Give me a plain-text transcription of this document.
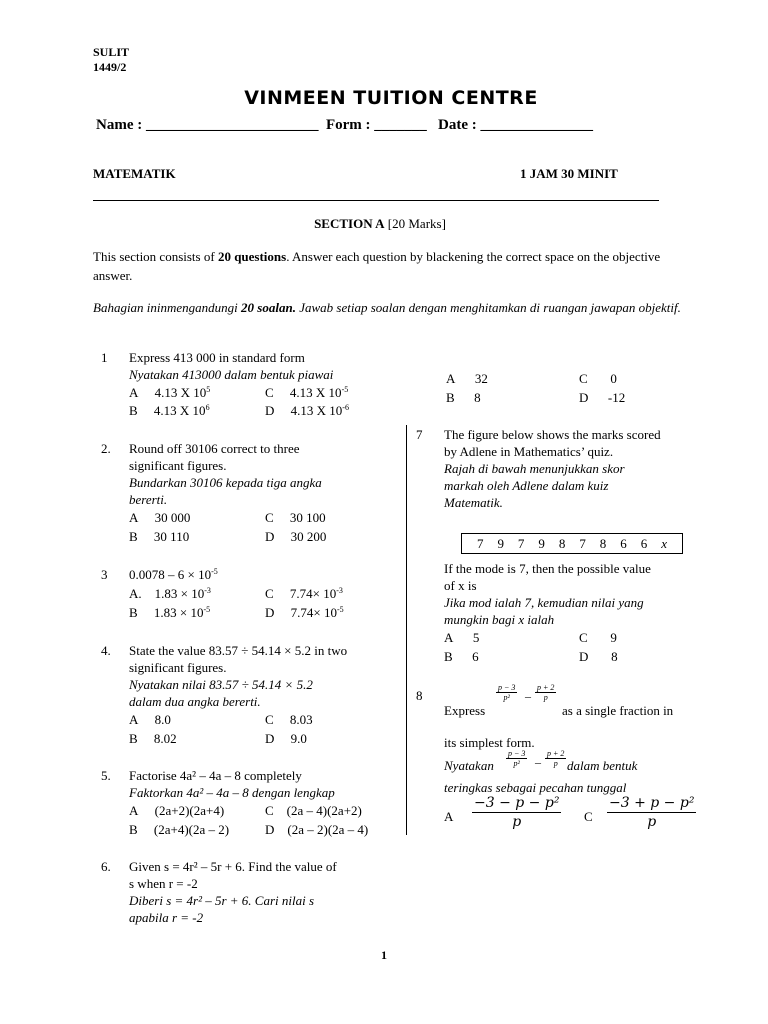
SULIT
1449/2
VINMEEN TUITION CENTRE
Name : _______________________  Form : _______   Date : _______________
MATEMATIK	1 JAM 30 MINIT
SECTION A [20 Marks]
This section consists of 20 questions. Answer each question by blackening the correct space on the objective answer.
Bahagian ininmengandungi 20 soalan. Jawab setiap soalan dengan menghitamkan di ruangan jawapan objektif.
1 Express 413 000 in standard form
Nyatakan 413000 dalam bentuk piawai
A     4.13 X $10^5$	C     4.13 X $10^{-5}$
B     4.13 X $10^6$	D     4.13 X $10^{-6}$
2. Round off 30106 correct to three
significant figures.
Bundarkan 30106 kepada tiga angka
bererti.
A     30 000	C     30 100
B     30 110	D     30 200
3 $0.0078 - 6 \times 10^{-5}$
A.    $1.83 \times 10^{-3}$	C     $7.74\times 10^{-3}$
B     $1.83 \times 10^{-5}$	D     $7.74\times 10^{-5}$
4. State the value 83.57 ÷ 54.14 × 5.2 in two
significant figures.
Nyatakan nilai 83.57 ÷ 54.14 × 5.2
dalam dua angka bererti.
A     8.0	C     8.03
B     8.02	D     9.0
5. Factorise 4a² – 4a – 8 completely
Faktorkan 4a² – 4a – 8 dengan lengkap
A     (2a+2)(2a+4)	C    (2a – 4)(2a+2)
B     (2a+4)(2a – 2)	D    (2a – 2)(2a – 4)
6. Given s = 4r² – 5r + 6. Find the value of
s when r = -2
Diberi s = 4r² – 5r + 6. Cari nilai s
apabila r = -2
A      32	C       0
B      8	D      -12
7 The figure below shows the marks scored
by Adlene in Mathematics’ quiz.
Rajah di bawah menunjukkan skor
markah oleh Adlene dalam kuiz
Matematik.
7 9 7 9 8 7 8 6 6 x
If the mode is 7, then the possible value
of x is
Jika mod ialah 7, kemudian nilai yang
mungkin bagi x ialah
A      5	C       9
B      6	D       8
8	$\frac{p - 3}{\text{p²}} - \frac{p + 2}{p}$
Express	as a single fraction in
its simplest form.
Nyatakan $\frac{p - 3}{\text{p²}} - \frac{p + 2}{p}$ dalam bentuk
teringkas sebagai pecahan tunggal
A $\frac{\text{−3 − p − p²}}{p}$ C $\frac{\text{−3 + p − p²}}{p}$
1
